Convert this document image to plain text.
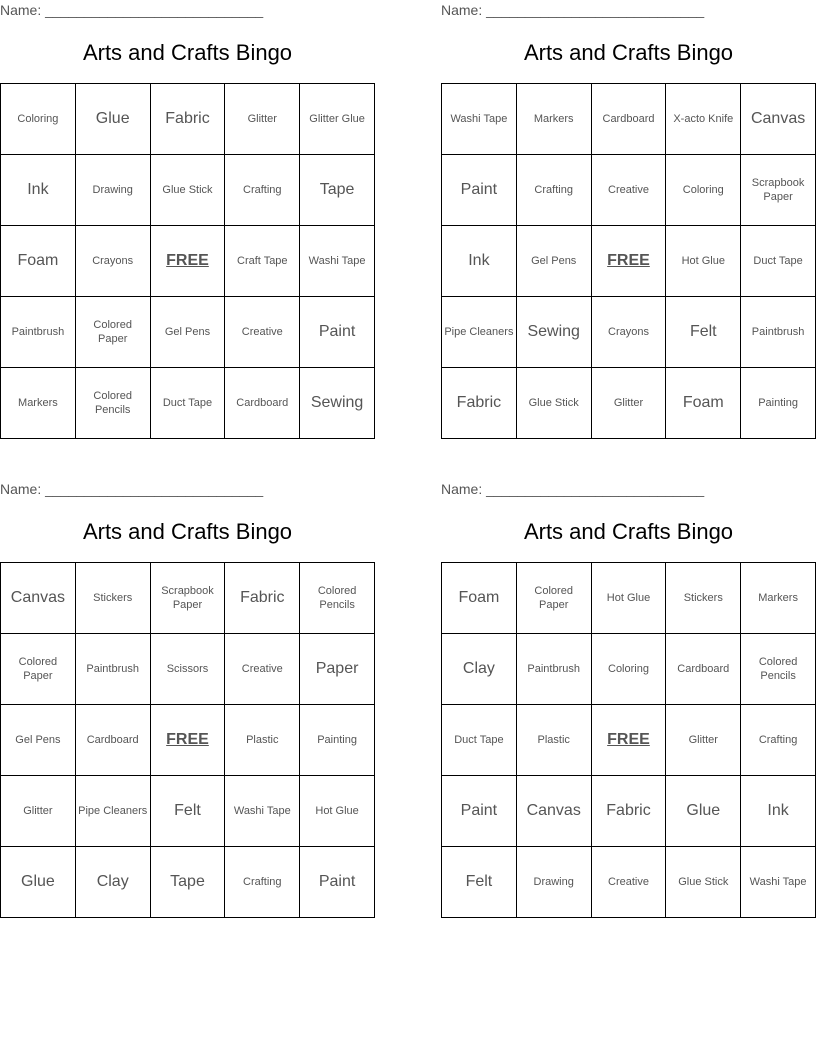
Name: ____________________________
Arts and Crafts Bingo
Coloring	Glue	Fabric	Glitter	Glitter Glue
Ink	Drawing	Glue Stick	Crafting	Tape
Foam	Crayons	FREE	Craft Tape	Washi Tape
Paintbrush	Colored Paper	Gel Pens	Creative	Paint
Markers	Colored Pencils	Duct Tape	Cardboard	Sewing
Name: ____________________________
Arts and Crafts Bingo
Washi Tape	Markers	Cardboard	X-acto Knife	Canvas
Paint	Crafting	Creative	Coloring	Scrapbook Paper
Ink	Gel Pens	FREE	Hot Glue	Duct Tape
Pipe Cleaners	Sewing	Crayons	Felt	Paintbrush
Fabric	Glue Stick	Glitter	Foam	Painting
Name: ____________________________
Arts and Crafts Bingo
Canvas	Stickers	Scrapbook Paper	Fabric	Colored Pencils
Colored Paper	Paintbrush	Scissors	Creative	Paper
Gel Pens	Cardboard	FREE	Plastic	Painting
Glitter	Pipe Cleaners	Felt	Washi Tape	Hot Glue
Glue	Clay	Tape	Crafting	Paint
Name: ____________________________
Arts and Crafts Bingo
Foam	Colored Paper	Hot Glue	Stickers	Markers
Clay	Paintbrush	Coloring	Cardboard	Colored Pencils
Duct Tape	Plastic	FREE	Glitter	Crafting
Paint	Canvas	Fabric	Glue	Ink
Felt	Drawing	Creative	Glue Stick	Washi Tape
